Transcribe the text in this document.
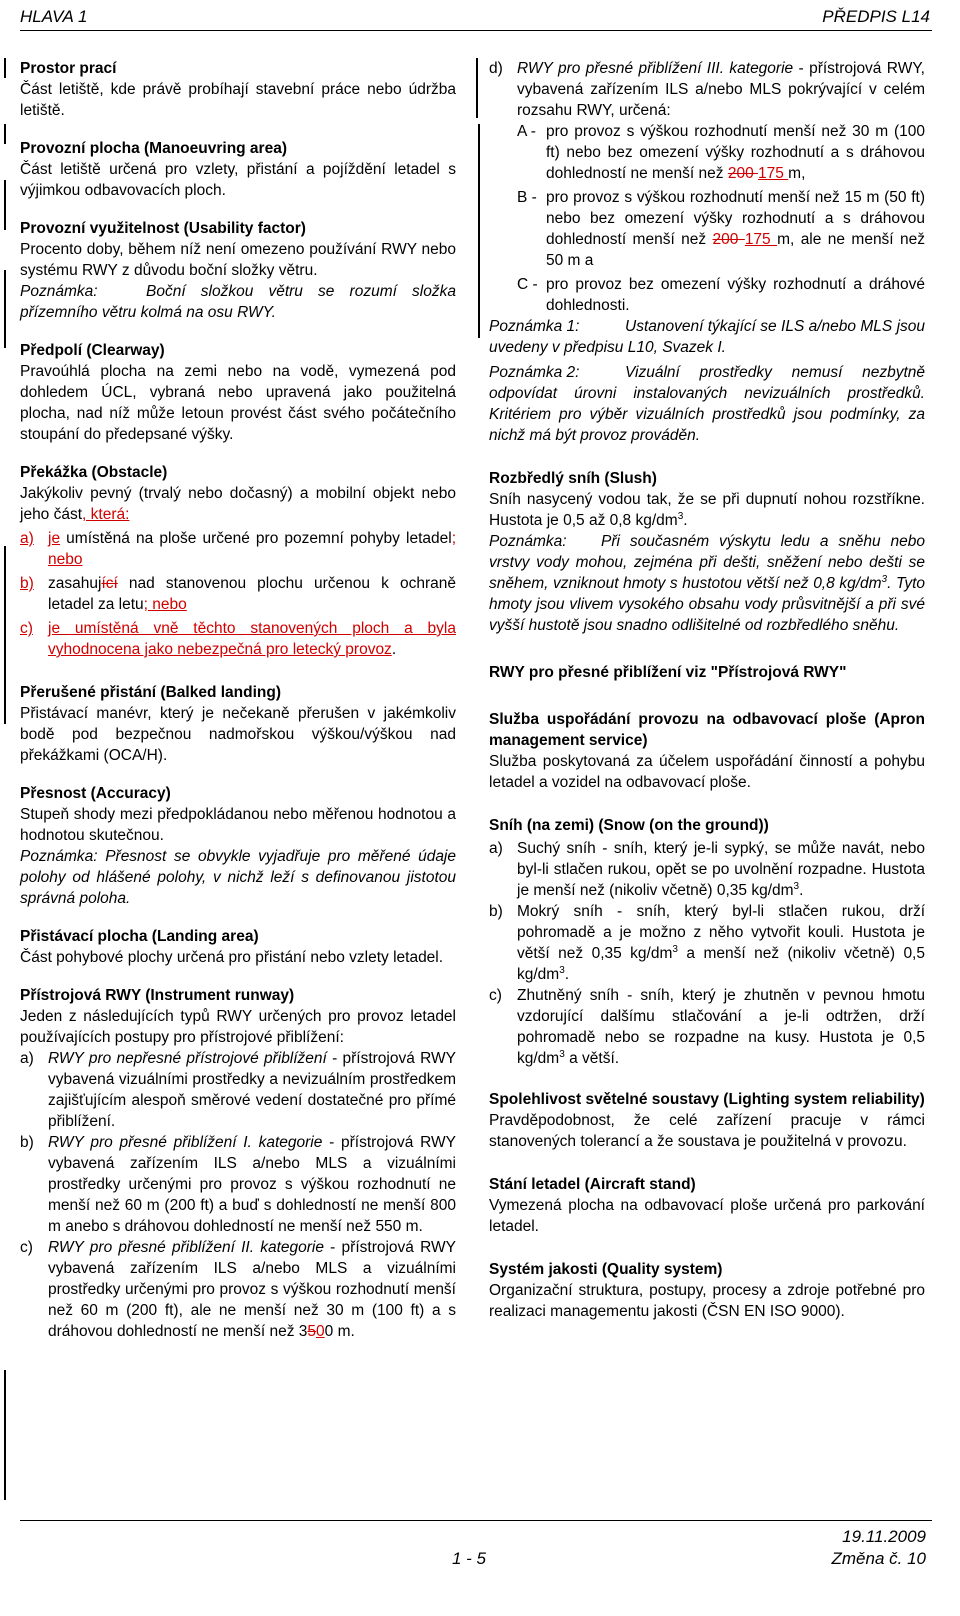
HLAVA 1	PŘEDPIS L14

Prostor prací

Část letiště, kde právě probíhají stavební práce nebo údržba letiště.

Provozní plocha (Manoeuvring area)

Část letiště určená pro vzlety, přistání a pojíždění letadel s výjimkou odbavovacích ploch.

Provozní využitelnost (Usability factor)

Procento doby, během níž není omezeno používání RWY nebo systému RWY z důvodu boční složky větru.

Poznámka:	Boční složkou větru se rozumí složka přízemního větru kolmá na osu RWY.

Předpolí (Clearway)

Pravoúhlá plocha na zemi nebo na vodě, vymezená pod dohledem ÚCL, vybraná nebo upravená jako použitelná plocha, nad níž může letoun provést část svého počátečního stoupání do předepsané výšky.

Překážka (Obstacle)

Jakýkoliv pevný (trvalý nebo dočasný) a mobilní objekt nebo jeho část, která:

a) je umístěná na ploše určené pro pozemní pohyby letadel; nebo
b) zasahující nad stanovenou plochu určenou k ochraně letadel za letu; nebo
c) je umístěná vně těchto stanovených ploch a byla vyhodnocena jako nebezpečná pro letecký provoz.

Přerušené přistání (Balked landing)

Přistávací manévr, který je nečekaně přerušen v jakémkoliv bodě pod bezpečnou nadmořskou výškou/výškou nad překážkami (OCA/H).

Přesnost (Accuracy)

Stupeň shody mezi předpokládanou nebo měřenou hodnotou a hodnotou skutečnou.

Poznámka: Přesnost se obvykle vyjadřuje pro měřené údaje polohy od hlášené polohy, v nichž leží s definovanou jistotou správná poloha.

Přistávací plocha (Landing area)

Část pohybové plochy určená pro přistání nebo vzlety letadel.

Přístrojová RWY (Instrument runway)

Jeden z následujících typů RWY určených pro provoz letadel používajících postupy pro přístrojové přiblížení:

a) RWY pro nepřesné přístrojové přiblížení - přístrojová RWY vybavená vizuálními prostředky a nevizuálním prostředkem zajišťujícím alespoň směrové vedení dostatečné pro přímé přiblížení.
b) RWY pro přesné přiblížení I. kategorie - přístrojová RWY vybavená zařízením ILS a/nebo MLS a vizuálními prostředky určenými pro provoz s výškou rozhodnutí ne menší než 60 m (200 ft) a buď s dohledností ne menší 800 m anebo s dráhovou dohledností ne menší než 550 m.
c) RWY pro přesné přiblížení II. kategorie - přístrojová RWY vybavená zařízením ILS a/nebo MLS a vizuálními prostředky určenými pro provoz s výškou rozhodnutí menší než 60 m (200 ft), ale ne menší než 30 m (100 ft) a s dráhovou dohledností ne menší než 3500 m.
d) RWY pro přesné přiblížení III. kategorie - přístrojová RWY, vybavená zařízením ILS a/nebo MLS pokrývající v celém rozsahu RWY, určená:
A - pro provoz s výškou rozhodnutí menší než 30 m (100 ft) nebo bez omezení výšky rozhodnutí a s dráhovou dohledností ne menší než 200 175 m,
B - pro provoz s výškou rozhodnutí menší než 15 m (50 ft) nebo bez omezení výšky rozhodnutí a s dráhovou dohledností menší než 200 175 m, ale ne menší než 50 m a
C - pro provoz bez omezení výšky rozhodnutí a dráhové dohlednosti.

Poznámka 1:	Ustanovení týkající se ILS a/nebo MLS jsou uvedeny v předpisu L10, Svazek I.

Poznámka 2:	Vizuální prostředky nemusí nezbytně odpovídat úrovni instalovaných nevizuálních prostředků. Kritériem pro výběr vizuálních prostředků jsou podmínky, za nichž má být provoz prováděn.

Rozbředlý sníh (Slush)

Sníh nasycený vodou tak, že se při dupnutí nohou rozstříkne. Hustota je 0,5 až 0,8 $kg/dm^3$.

Poznámka: Při současném výskytu ledu a sněhu nebo vrstvy vody mohou, zejména při dešti, sněžení nebo dešti se sněhem, vzniknout hmoty s hustotou větší než 0,8 $kg/dm^3$. Tyto hmoty jsou vlivem vysokého obsahu vody průsvitnější a při své vyšší hustotě jsou snadno odlišitelné od rozbředlého sněhu.

RWY pro přesné přiblížení viz "Přístrojová RWY"

Služba uspořádání provozu na odbavovací ploše (Apron management service)

Služba poskytovaná za účelem uspořádání činností a pohybu letadel a vozidel na odbavovací ploše.

Sníh (na zemi) (Snow (on the ground))

a) Suchý sníh - sníh, který je-li sypký, se může navát, nebo byl-li stlačen rukou, opět se po uvolnění rozpadne. Hustota je menší než (nikoliv včetně) 0,35 $kg/dm^3$.
b) Mokrý sníh - sníh, který byl-li stlačen rukou, drží pohromadě a je možno z něho vytvořit kouli. Hustota je větší než 0,35 $kg/dm^3$ a menší než (nikoliv včetně) 0,5 $kg/dm^3$.
c) Zhutněný sníh - sníh, který je zhutněn v pevnou hmotu vzdorující dalšímu stlačování a je-li odtržen, drží pohromadě nebo se rozpadne na kusy. Hustota je 0,5 $kg/dm^3$ a větší.

Spolehlivost světelné soustavy (Lighting system reliability)

Pravděpodobnost, že celé zařízení pracuje v rámci stanovených tolerancí a že soustava je použitelná v provozu.

Stání letadel (Aircraft stand)

Vymezená plocha na odbavovací ploše určená pro parkování letadel.

Systém jakosti (Quality system)

Organizační struktura, postupy, procesy a zdroje potřebné pro realizaci managementu jakosti (ČSN EN ISO 9000).

1 - 5
19.11.2009
Změna č. 10
